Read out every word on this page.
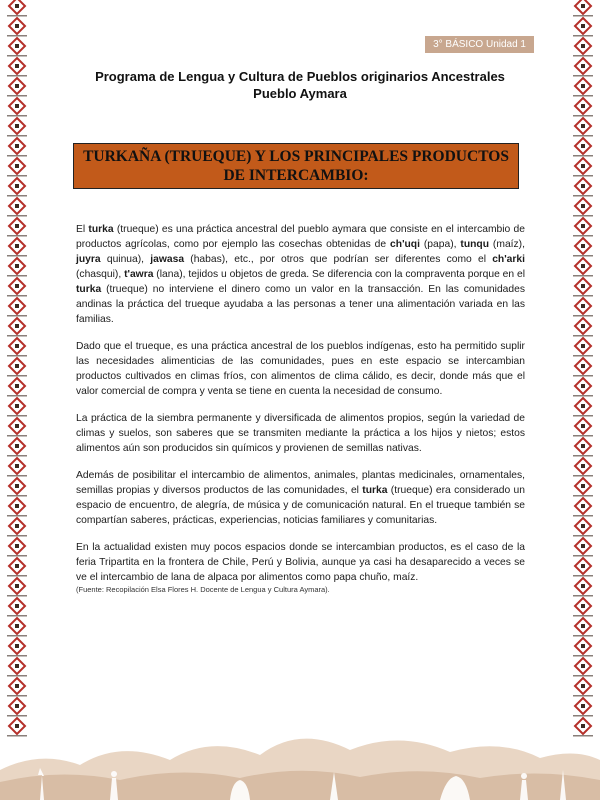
3° BÁSICO Unidad 1
Programa de Lengua y Cultura de Pueblos originarios Ancestrales
Pueblo Aymara
TURKAÑA (TRUEQUE) Y LOS PRINCIPALES PRODUCTOS DE INTERCAMBIO:

El turka (trueque) es una práctica ancestral del pueblo aymara que consiste en el intercambio de productos agrícolas, como por ejemplo las cosechas obtenidas de ch'uqi (papa), tunqu (maíz), juyra quinua), jawasa (habas), etc., por otros que podrían ser diferentes como el ch'arki (chasqui), t'awra (lana), tejidos u objetos de greda. Se diferencia con la compraventa porque en el turka (trueque) no interviene el dinero como un valor en la transacción. En las comunidades andinas la práctica del trueque ayudaba a las personas a tener una alimentación variada en las familias.

Dado que el trueque, es una práctica ancestral de los pueblos indígenas, esto ha permitido suplir las necesidades alimenticias de las comunidades, pues en este espacio se intercambian productos cultivados en climas fríos, con alimentos de clima cálido, es decir, donde más que el valor comercial de compra y venta se tiene en cuenta la necesidad de consumo.

La práctica de la siembra permanente y diversificada de alimentos propios, según la variedad de climas y suelos, son saberes que se transmiten mediante la práctica a los hijos y nietos; estos alimentos aún son producidos sin químicos y provienen de semillas nativas.

Además de posibilitar el intercambio de alimentos, animales, plantas medicinales, ornamentales, semillas propias y diversos productos de las comunidades, el turka (trueque) era considerado un espacio de encuentro, de alegría, de música y de comunicación natural. En el trueque también se compartían saberes, prácticas, experiencias, noticias familiares y comunitarias.

En la actualidad existen muy pocos espacios donde se intercambian productos, es el caso de la feria Tripartita en la frontera de Chile, Perú y Bolivia, aunque ya casi ha desaparecido a veces se ve el intercambio de lana de alpaca por alimentos como papa chuño, maíz.

(Fuente: Recopilación Elsa Flores H. Docente de Lengua y Cultura Aymara).
